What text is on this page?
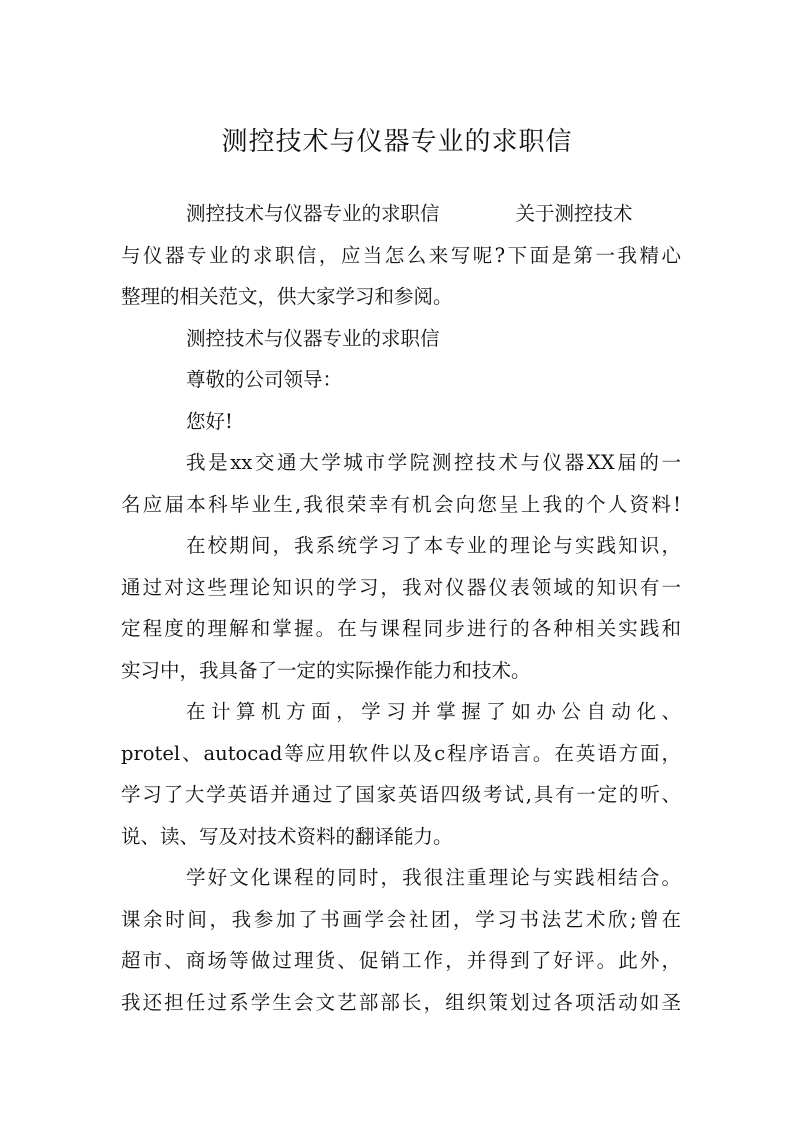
测控技术与仪器专业的求职信
测控技术与仪器专业的求职信	关于测控技术
与仪器专业的求职信，应当怎么来写呢?下面是第一我精心
整理的相关范文，供大家学习和参阅。
测控技术与仪器专业的求职信
尊敬的公司领导：
您好!
我是xx交通大学城市学院测控技术与仪器XX届的一
名应届本科毕业生,我很荣幸有机会向您呈上我的个人资料!
在校期间，我系统学习了本专业的理论与实践知识，
通过对这些理论知识的学习，我对仪器仪表领域的知识有一
定程度的理解和掌握。在与课程同步进行的各种相关实践和
实习中，我具备了一定的实际操作能力和技术。
在计算机方面，学习并掌握了如办公自动化、
protel、autocad等应用软件以及c程序语言。在英语方面，
学习了大学英语并通过了国家英语四级考试,具有一定的听、
说、读、写及对技术资料的翻译能力。
学好文化课程的同时，我很注重理论与实践相结合。
课余时间，我参加了书画学会社团，学习书法艺术欣;曾在
超市、商场等做过理货、促销工作，并得到了好评。此外，
我还担任过系学生会文艺部部长，组织策划过各项活动如圣
